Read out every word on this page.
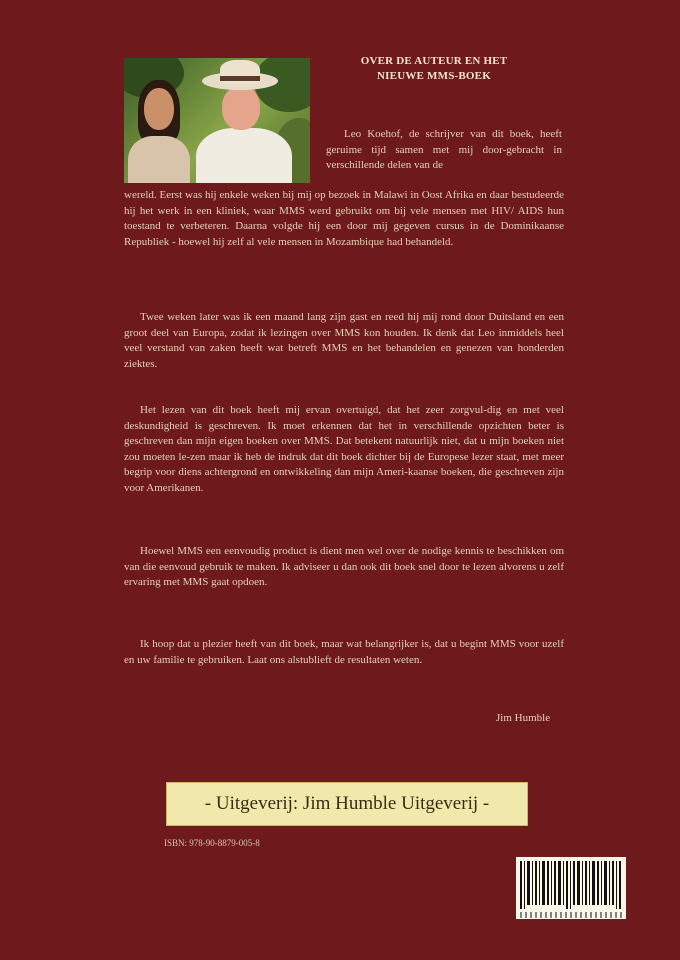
OVER DE AUTEUR EN HET
NIEUWE MMS-BOEK

Leo Koehof, de schrijver van dit boek, heeft geruime tijd samen met mij door-gebracht in verschillende delen van de

wereld. Eerst was hij enkele weken bij mij op bezoek in Malawi in Oost Afrika en daar bestudeerde hij het werk in een kliniek, waar MMS werd gebruikt om bij vele mensen met HIV/ AIDS hun toestand te verbeteren. Daarna volgde hij een door mij gegeven cursus in de Dominikaanse Republiek - hoewel hij zelf al vele mensen in Mozambique had behandeld.

Twee weken later was ik een maand lang zijn gast en reed hij mij rond door Duitsland en een groot deel van Europa, zodat ik lezingen over MMS kon houden. Ik denk dat Leo inmiddels heel veel verstand van zaken heeft wat betreft MMS en het behandelen en genezen van honderden ziektes.

Het lezen van dit boek heeft mij ervan overtuigd, dat het zeer zorgvul-dig en met veel deskundigheid is geschreven. Ik moet erkennen dat het in verschillende opzichten beter is geschreven dan mijn eigen boeken over MMS. Dat betekent natuurlijk niet, dat u mijn boeken niet zou moeten le-zen maar ik heb de indruk dat dit boek dichter bij de Europese lezer staat, met meer begrip voor diens achtergrond en ontwikkeling dan mijn Ameri-kaanse boeken, die geschreven zijn voor Amerikanen.

Hoewel MMS een eenvoudig product is dient men wel over de nodige kennis te beschikken om van die eenvoud gebruik te maken. Ik adviseer u dan ook dit boek snel door te lezen alvorens u zelf ervaring met MMS gaat opdoen.

Ik hoop dat u plezier heeft van dit boek, maar wat belangrijker is, dat u begint MMS voor uzelf en uw familie te gebruiken. Laat ons alstublieft de resultaten weten.

Jim Humble
- Uitgeverij: Jim Humble Uitgeverij -
ISBN: 978-90-8879-005-8
